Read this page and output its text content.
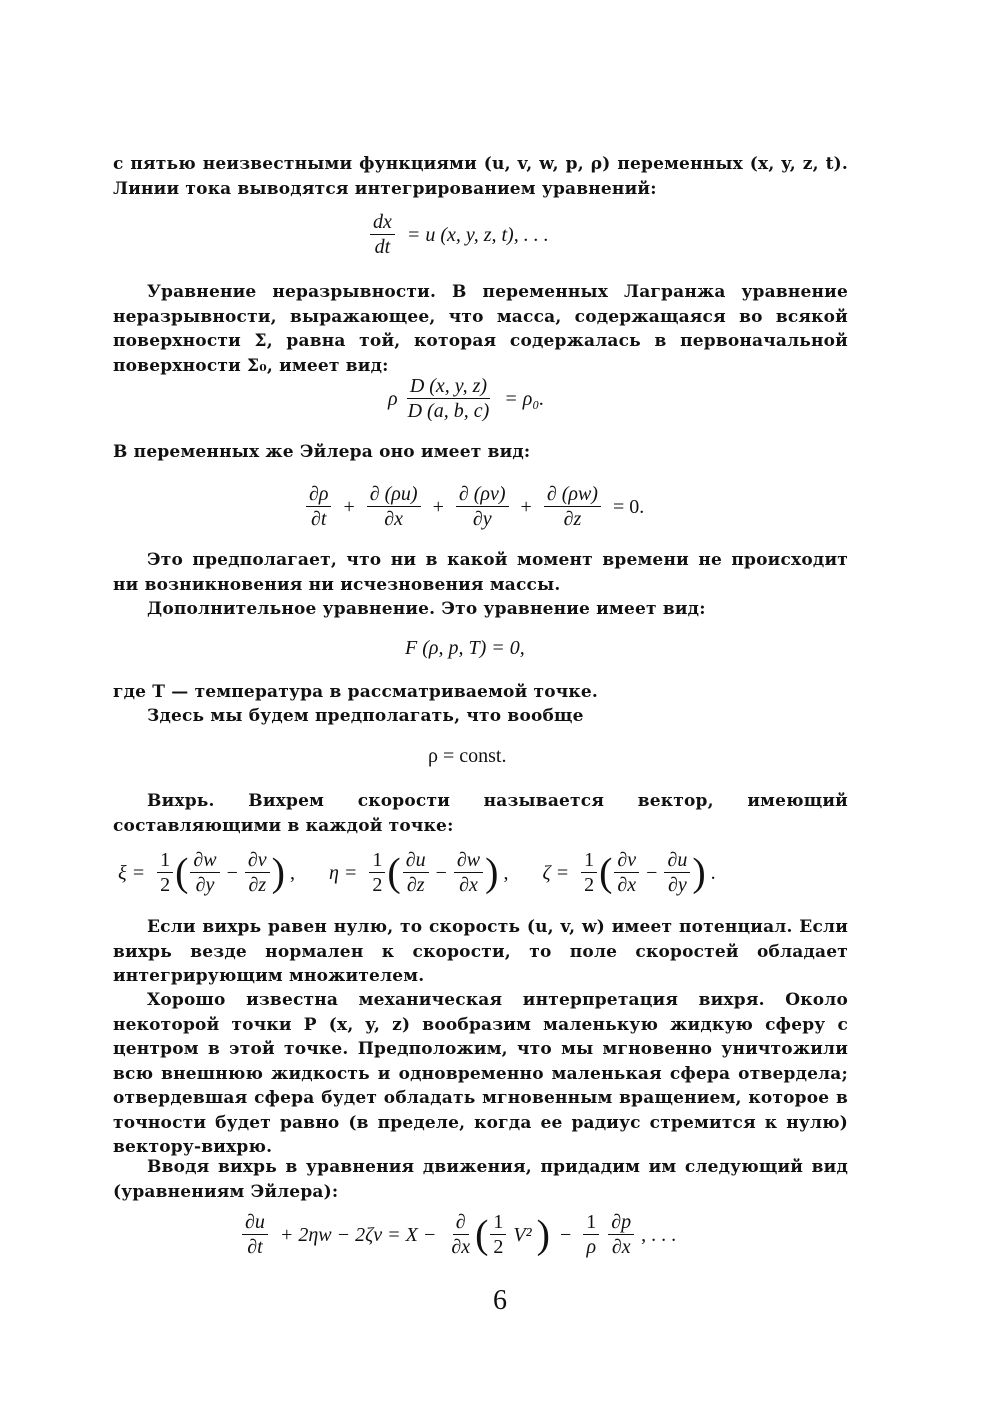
с пятью неизвестными функциями (u, v, w, p, ρ) переменных (x, y, z, t). Линии тока выводятся интегрированием уравнений:
$\frac{dx}{dt} = u$ (x, y, z, t), . . .
Уравнение неразрывности. В переменных Лагранжа уравнение неразрывности, выражающее, что масса, содержащаяся во всякой поверхности Σ, равна той, которая содержалась в первоначальной поверхности Σ₀, имеет вид:
ρ $\frac{D (x, y, z)}{D (a, b, c)} = \rho_0$.
В переменных же Эйлера оно имеет вид:
$\frac{\partial\rho}{\partial t} + \frac{\partial (\rho u)}{\partial x} + \frac{\partial (\rho v)}{\partial y} + \frac{\partial (\rho w)}{\partial z} = 0$.
Это предполагает, что ни в какой момент времени не происходит ни возникновения ни исчезновения массы.
Дополнительное уравнение. Это уравнение имеет вид:
F (ρ, p, T) = 0,
где T — температура в рассматриваемой точке.
Здесь мы будем предполагать, что вообще
ρ = const.
Вихрь. Вихрем скорости называется вектор, имеющий составляющими в каждой точке:
$\xi = \frac{1}{2}$ ( $\frac{\partial w}{\partial y} - \frac{\partial v}{\partial z}$ ) , $\eta = \frac{1}{2}$ ( $\frac{\partial u}{\partial z} - \frac{\partial w}{\partial x}$ ) , $\zeta = \frac{1}{2}$ ( $\frac{\partial v}{\partial x} - \frac{\partial u}{\partial y}$ ) .
Если вихрь равен нулю, то скорость (u, v, w) имеет потенциал. Если вихрь везде нормален к скорости, то поле скоростей обладает интегрирующим множителем.
Хорошо известна механическая интерпретация вихря. Около некоторой точки P (x, y, z) вообразим маленькую жидкую сферу с центром в этой точке. Предположим, что мы мгновенно уничтожили всю внешнюю жидкость и одновременно маленькая сфера отвердела; отвердевшая сфера будет обладать мгновенным вращением, которое в точности будет равно (в пределе, когда ее радиус стремится к нулю) вектору-вихрю.
Вводя вихрь в уравнения движения, придадим им следующий вид (уравнениям Эйлера):
$\frac{\partial u}{\partial t} + 2\eta w - 2\zeta v = X - \frac{\partial}{\partial x}$ ( $\frac{1}{2} V^2$ ) − $\frac{1}{\rho}$
$\frac{\partial p}{\partial x}$ , . . .
6
